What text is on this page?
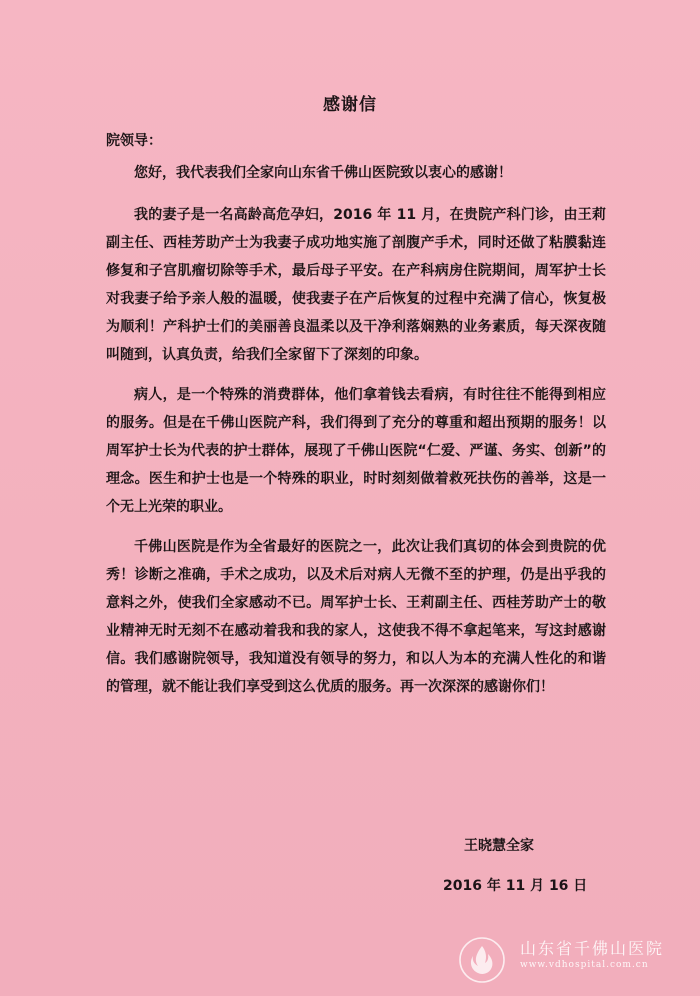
感谢信
院领导：

您好，我代表我们全家向山东省千佛山医院致以衷心的感谢！

我的妻子是一名高龄高危孕妇，2016 年 11 月，在贵院产科门诊，由王莉副主任、西桂芳助产士为我妻子成功地实施了剖腹产手术，同时还做了粘膜黏连修复和子宫肌瘤切除等手术，最后母子平安。在产科病房住院期间，周军护士长对我妻子给予亲人般的温暖，使我妻子在产后恢复的过程中充满了信心，恢复极为顺利！产科护士们的美丽善良温柔以及干净利落娴熟的业务素质，每天深夜随叫随到，认真负责，给我们全家留下了深刻的印象。

病人，是一个特殊的消费群体，他们拿着钱去看病，有时往往不能得到相应的服务。但是在千佛山医院产科，我们得到了充分的尊重和超出预期的服务！以周军护士长为代表的护士群体，展现了千佛山医院“仁爱、严谨、务实、创新”的理念。医生和护士也是一个特殊的职业，时时刻刻做着救死扶伤的善举，这是一个无上光荣的职业。

千佛山医院是作为全省最好的医院之一，此次让我们真切的体会到贵院的优秀！诊断之准确，手术之成功，以及术后对病人无微不至的护理，仍是出乎我的意料之外，使我们全家感动不已。周军护士长、王莉副主任、西桂芳助产士的敬业精神无时无刻不在感动着我和我的家人，这使我不得不拿起笔来，写这封感谢信。我们感谢院领导，我知道没有领导的努力，和以人为本的充满人性化的和谐的管理，就不能让我们享受到这么优质的服务。再一次深深的感谢你们！

王晓慧全家
2016 年 11 月 16 日
山东省千佛山医院
www.vdhospital.com.cn
